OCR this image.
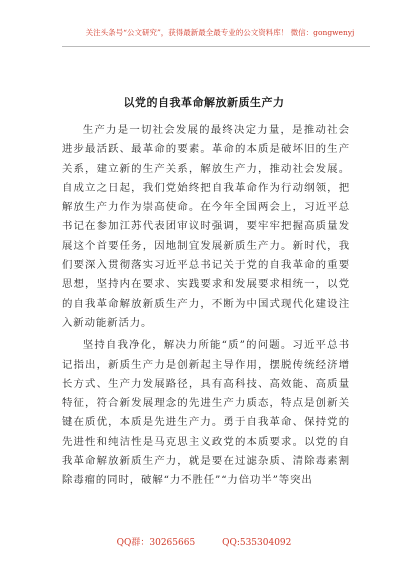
关注头条号“公文研究”，获得最新最全最专业的公文资料库！ 微信：gongwenyj
以党的自我革命解放新质生产力

生产力是一切社会发展的最终决定力量，是推动社会进步最活跃、最革命的要素。革命的本质是破坏旧的生产关系，建立新的生产关系，解放生产力，推动社会发展。自成立之日起，我们党始终把自我革命作为行动纲领，把解放生产力作为崇高使命。在今年全国两会上，习近平总书记在参加江苏代表团审议时强调，要牢牢把握高质量发展这个首要任务，因地制宜发展新质生产力。新时代，我们要深入贯彻落实习近平总书记关于党的自我革命的重要思想，坚持内在要求、实践要求和发展要求相统一，以党的自我革命解放新质生产力，不断为中国式现代化建设注入新动能新活力。

坚持自我净化，解决力所能“质”的问题。习近平总书记指出，新质生产力是创新起主导作用，摆脱传统经济增长方式、生产力发展路径，具有高科技、高效能、高质量特征，符合新发展理念的先进生产力质态，特点是创新关键在质优，本质是先进生产力。勇于自我革命、保持党的先进性和纯洁性是马克思主义政党的本质要求。以党的自我革命解放新质生产力，就是要在过滤杂质、清除毒素割除毒瘤的同时，破解“力不胜任”“力倍功半”等突出

QQ群：30265665	QQ:535304092
